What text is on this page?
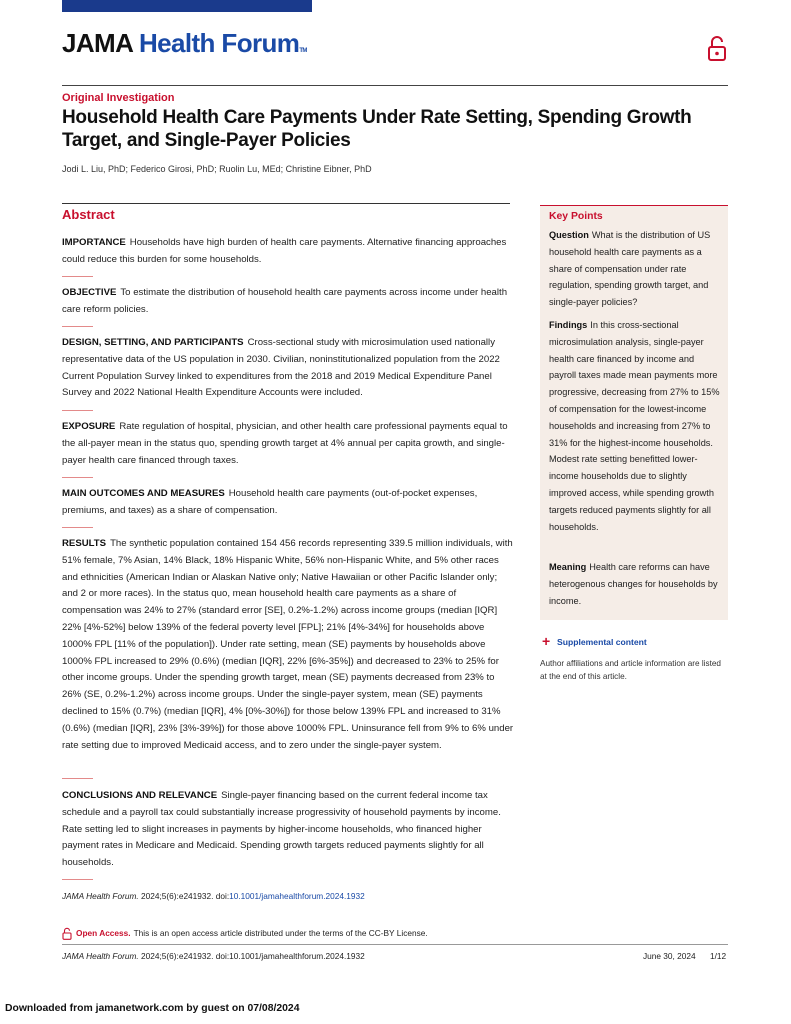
JAMA Health ForumTM
Original Investigation
Household Health Care Payments Under Rate Setting, Spending Growth Target, and Single-Payer Policies
Jodi L. Liu, PhD; Federico Girosi, PhD; Ruolin Lu, MEd; Christine Eibner, PhD
Abstract
IMPORTANCE Households have high burden of health care payments. Alternative financing approaches could reduce this burden for some households.
OBJECTIVE To estimate the distribution of household health care payments across income under health care reform policies.
DESIGN, SETTING, AND PARTICIPANTS Cross-sectional study with microsimulation used nationally representative data of the US population in 2030. Civilian, noninstitutionalized population from the 2022 Current Population Survey linked to expenditures from the 2018 and 2019 Medical Expenditure Panel Survey and 2022 National Health Expenditure Accounts were included.
EXPOSURE Rate regulation of hospital, physician, and other health care professional payments equal to the all-payer mean in the status quo, spending growth target at 4% annual per capita growth, and single-payer health care financed through taxes.
MAIN OUTCOMES AND MEASURES Household health care payments (out-of-pocket expenses, premiums, and taxes) as a share of compensation.
RESULTS The synthetic population contained 154 456 records representing 339.5 million individuals, with 51% female, 7% Asian, 14% Black, 18% Hispanic White, 56% non-Hispanic White, and 5% other races and ethnicities (American Indian or Alaskan Native only; Native Hawaiian or other Pacific Islander only; and 2 or more races). In the status quo, mean household health care payments as a share of compensation was 24% to 27% (standard error [SE], 0.2%-1.2%) across income groups (median [IQR] 22% [4%-52%] below 139% of the federal poverty level [FPL]; 21% [4%-34%] for households above 1000% FPL [11% of the population]). Under rate setting, mean (SE) payments by households above 1000% FPL increased to 29% (0.6%) (median [IQR], 22% [6%-35%]) and decreased to 23% to 25% for other income groups. Under the spending growth target, mean (SE) payments decreased from 23% to 26% (SE, 0.2%-1.2%) across income groups. Under the single-payer system, mean (SE) payments declined to 15% (0.7%) (median [IQR], 4% [0%-30%]) for those below 139% FPL and increased to 31% (0.6%) (median [IQR], 23% [3%-39%]) for those above 1000% FPL. Uninsurance fell from 9% to 6% under rate setting due to improved Medicaid access, and to zero under the single-payer system.
CONCLUSIONS AND RELEVANCE Single-payer financing based on the current federal income tax schedule and a payroll tax could substantially increase progressivity of household payments by income. Rate setting led to slight increases in payments by higher-income households, who financed higher payment rates in Medicare and Medicaid. Spending growth targets reduced payments slightly for all households.
Key Points
Question What is the distribution of US household health care payments as a share of compensation under rate regulation, spending growth target, and single-payer policies?
Findings In this cross-sectional microsimulation analysis, single-payer health care financed by income and payroll taxes made mean payments more progressive, decreasing from 27% to 15% of compensation for the lowest-income households and increasing from 27% to 31% for the highest-income households. Modest rate setting benefitted lower-income households due to slightly improved access, while spending growth targets reduced payments slightly for all households.
Meaning Health care reforms can have heterogenous changes for households by income.
+ Supplemental content
Author affiliations and article information are listed at the end of this article.
JAMA Health Forum. 2024;5(6):e241932. doi:10.1001/jamahealthforum.2024.1932
Open Access. This is an open access article distributed under the terms of the CC-BY License.
JAMA Health Forum. 2024;5(6):e241932. doi:10.1001/jamahealthforum.2024.1932	June 30, 2024 1/12
Downloaded from jamanetwork.com by guest on 07/08/2024
